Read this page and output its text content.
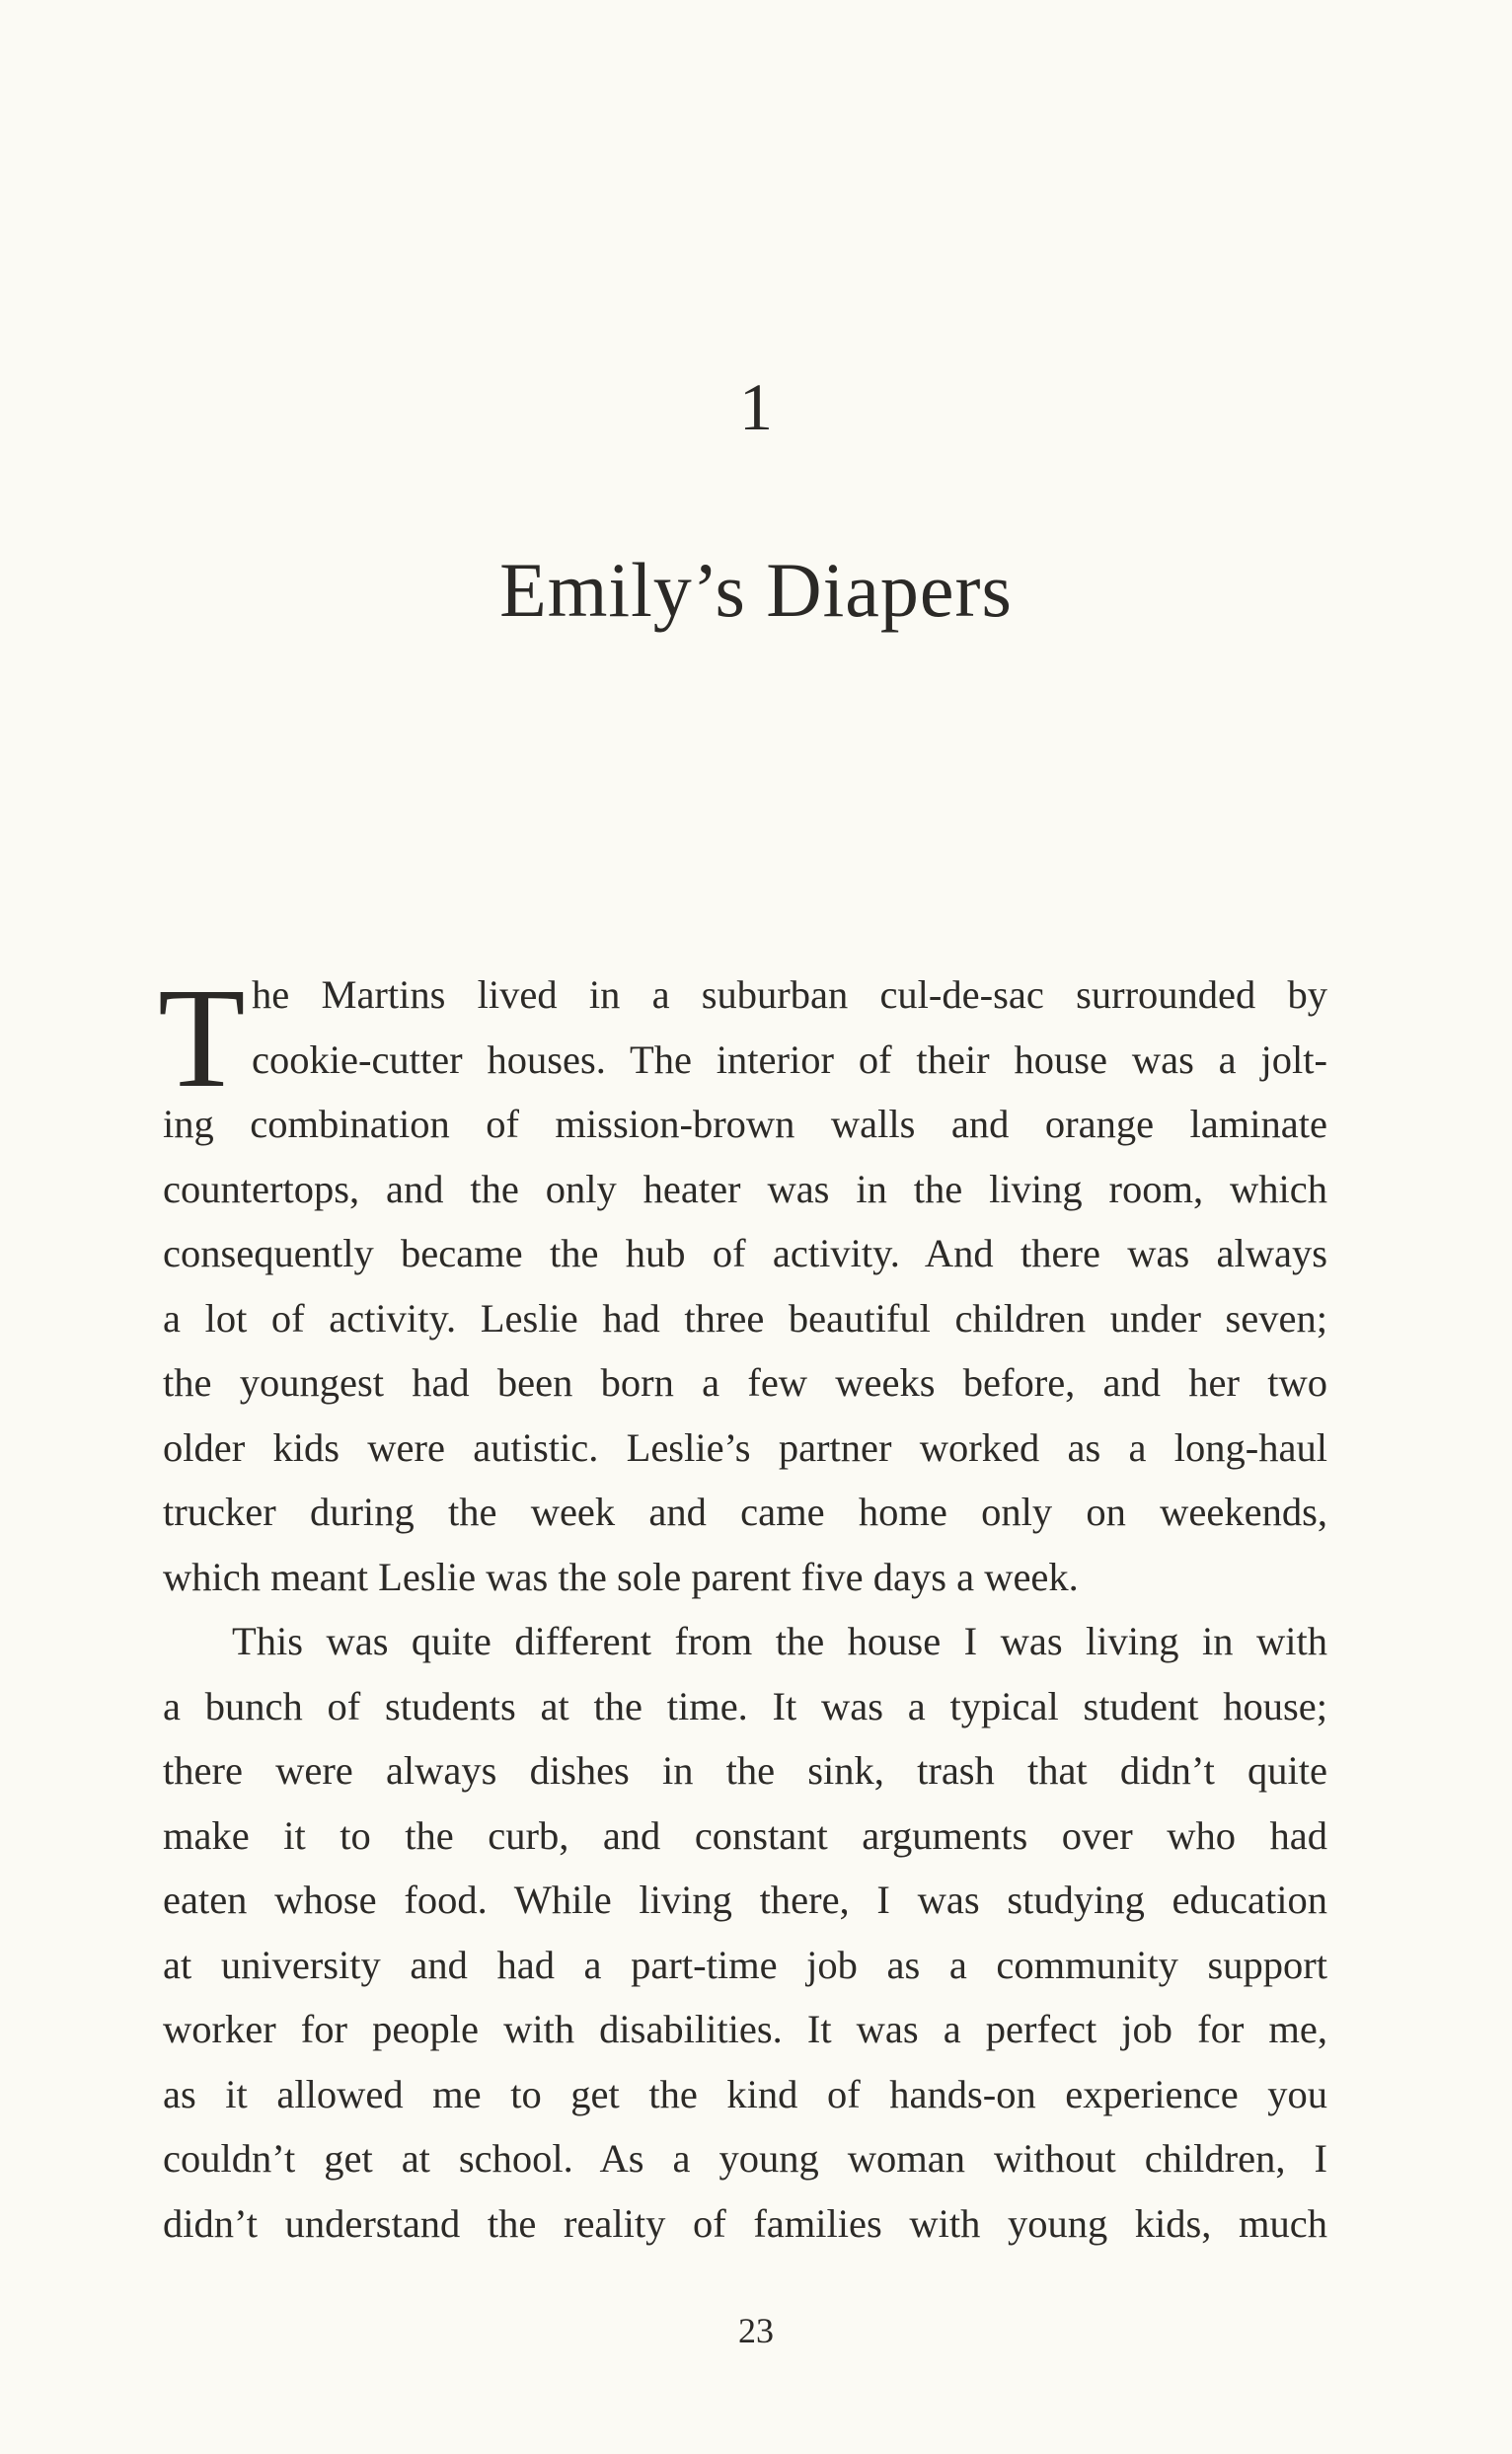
1
Emily’s Diapers
T he Martins lived in a suburban cul-de-sac surrounded by
cookie-cutter houses. The interior of their house was a jolt-
ing combination of mission-brown walls and orange laminate
countertops, and the only heater was in the living room, which
consequently became the hub of activity. And there was always
a lot of activity. Leslie had three beautiful children under seven;
the youngest had been born a few weeks before, and her two
older kids were autistic. Leslie’s partner worked as a long-haul
trucker during the week and came home only on weekends,
which meant Leslie was the sole parent five days a week.
This was quite different from the house I was living in with
a bunch of students at the time. It was a typical student house;
there were always dishes in the sink, trash that didn’t quite
make it to the curb, and constant arguments over who had
eaten whose food. While living there, I was studying education
at university and had a part-time job as a community support
worker for people with disabilities. It was a perfect job for me,
as it allowed me to get the kind of hands-on experience you
couldn’t get at school. As a young woman without children, I
didn’t understand the reality of families with young kids, much
23
